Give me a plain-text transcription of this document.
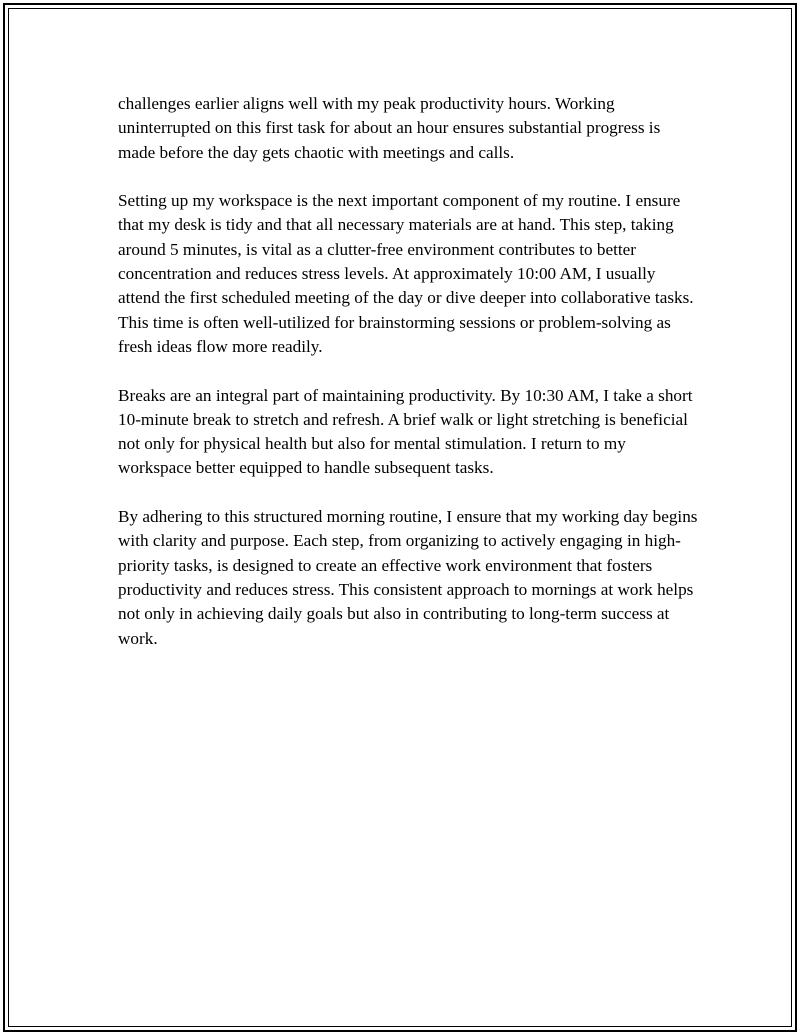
challenges earlier aligns well with my peak productivity hours. Working uninterrupted on this first task for about an hour ensures substantial progress is made before the day gets chaotic with meetings and calls.

Setting up my workspace is the next important component of my routine. I ensure that my desk is tidy and that all necessary materials are at hand. This step, taking around 5 minutes, is vital as a clutter-free environment contributes to better concentration and reduces stress levels. At approximately 10:00 AM, I usually attend the first scheduled meeting of the day or dive deeper into collaborative tasks. This time is often well-utilized for brainstorming sessions or problem-solving as fresh ideas flow more readily.

Breaks are an integral part of maintaining productivity. By 10:30 AM, I take a short 10-minute break to stretch and refresh. A brief walk or light stretching is beneficial not only for physical health but also for mental stimulation. I return to my workspace better equipped to handle subsequent tasks.

By adhering to this structured morning routine, I ensure that my working day begins with clarity and purpose. Each step, from organizing to actively engaging in high-priority tasks, is designed to create an effective work environment that fosters productivity and reduces stress. This consistent approach to mornings at work helps not only in achieving daily goals but also in contributing to long-term success at work.
